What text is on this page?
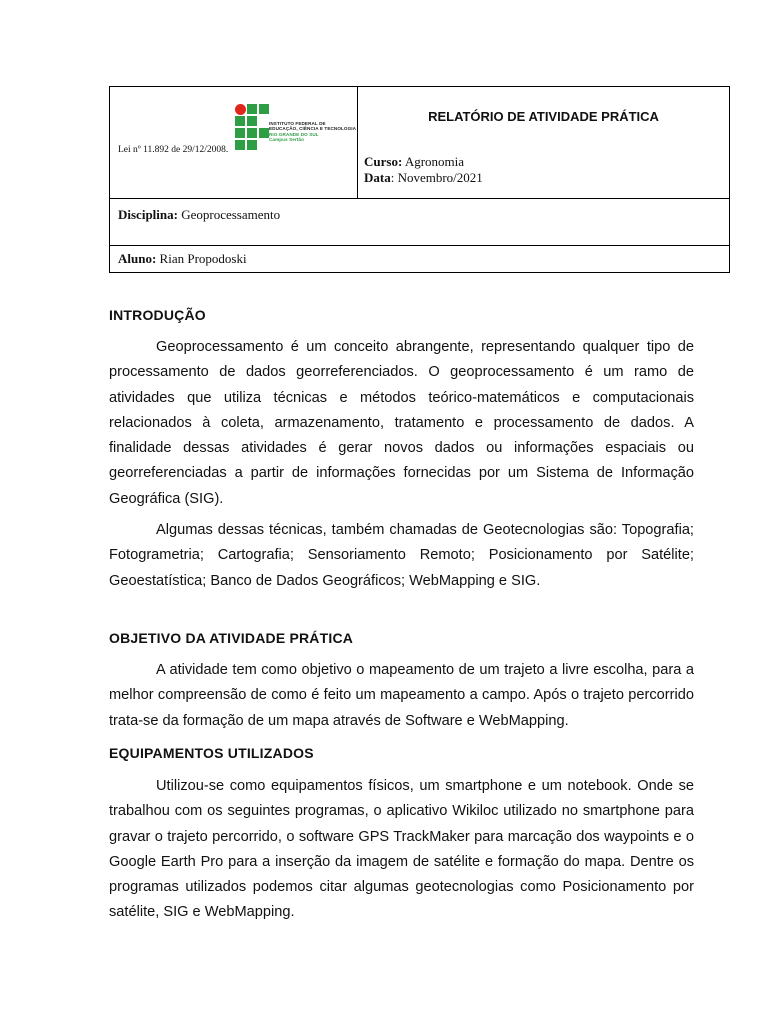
Lei nº 11.892 de 29/12/2008.
INSTITUTO FEDERAL DE
EDUCAÇÃO, CIÊNCIA E TECNOLOGIA
RIO GRANDE DO SUL
Campus Sertão
RELATÓRIO DE ATIVIDADE PRÁTICA
Curso: Agronomia
Data: Novembro/2021
Disciplina: Geoprocessamento
Aluno: Rian Propodoski
INTRODUÇÃO

Geoprocessamento é um conceito abrangente, representando qualquer tipo de processamento de dados georreferenciados. O geoprocessamento é um ramo de atividades que utiliza técnicas e métodos teórico-matemáticos e computacionais relacionados à coleta, armazenamento, tratamento e processamento de dados. A finalidade dessas atividades é gerar novos dados ou informações espaciais ou georreferenciadas a partir de informações fornecidas por um Sistema de Informação Geográfica (SIG).

Algumas dessas técnicas, também chamadas de Geotecnologias são: Topografia; Fotogrametria; Cartografia; Sensoriamento Remoto; Posicionamento por Satélite; Geoestatística; Banco de Dados Geográficos; WebMapping e SIG.

OBJETIVO DA ATIVIDADE PRÁTICA

A atividade tem como objetivo o mapeamento de um trajeto a livre escolha, para a melhor compreensão de como é feito um mapeamento a campo. Após o trajeto percorrido trata-se da formação de um mapa através de Software e WebMapping.

EQUIPAMENTOS UTILIZADOS

Utilizou-se como equipamentos físicos, um smartphone e um notebook. Onde se trabalhou com os seguintes programas, o aplicativo Wikiloc utilizado no smartphone para gravar o trajeto percorrido, o software GPS TrackMaker para marcação dos waypoints e o Google Earth Pro para a inserção da imagem de satélite e formação do mapa. Dentre os programas utilizados podemos citar algumas geotecnologias como Posicionamento por satélite, SIG e WebMapping.
